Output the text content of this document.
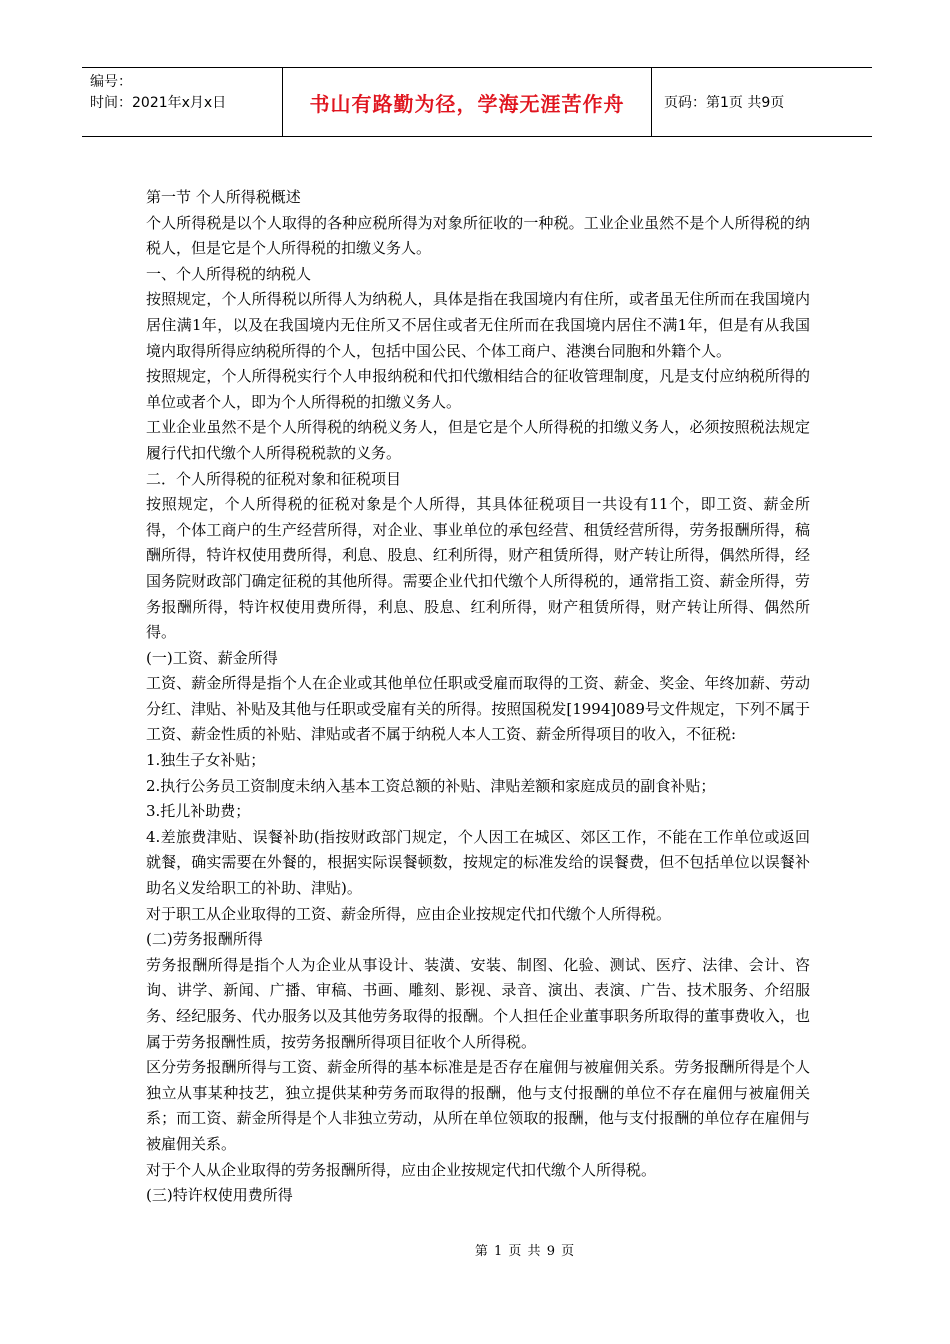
编号：
时间：2021年x月x日	书山有路勤为径，学海无涯苦作舟	页码：第1页 共9页

第一节 个人所得税概述

个人所得税是以个人取得的各种应税所得为对象所征收的一种税。工业企业虽然不是个人所得税的纳税人，但是它是个人所得税的扣缴义务人。

一、个人所得税的纳税人

按照规定，个人所得税以所得人为纳税人，具体是指在我国境内有住所，或者虽无住所而在我国境内居住满1年，以及在我国境内无住所又不居住或者无住所而在我国境内居住不满1年，但是有从我国境内取得所得应纳税所得的个人，包括中国公民、个体工商户、港澳台同胞和外籍个人。

按照规定，个人所得税实行个人申报纳税和代扣代缴相结合的征收管理制度，凡是支付应纳税所得的单位或者个人，即为个人所得税的扣缴义务人。

工业企业虽然不是个人所得税的纳税义务人，但是它是个人所得税的扣缴义务人，必须按照税法规定履行代扣代缴个人所得税税款的义务。

二．个人所得税的征税对象和征税项目

按照规定，个人所得税的征税对象是个人所得，其具体征税项目一共设有11个，即工资、薪金所得，个体工商户的生产经营所得，对企业、事业单位的承包经营、租赁经营所得，劳务报酬所得，稿酬所得，特许权使用费所得，利息、股息、红利所得，财产租赁所得，财产转让所得，偶然所得，经国务院财政部门确定征税的其他所得。需要企业代扣代缴个人所得税的，通常指工资、薪金所得，劳务报酬所得，特许权使用费所得，利息、股息、红利所得，财产租赁所得，财产转让所得、偶然所得。

(一)工资、薪金所得

工资、薪金所得是指个人在企业或其他单位任职或受雇而取得的工资、薪金、奖金、年终加薪、劳动分红、津贴、补贴及其他与任职或受雇有关的所得。按照国税发[1994]089号文件规定，下列不属于工资、薪金性质的补贴、津贴或者不属于纳税人本人工资、薪金所得项目的收入，不征税:

1.独生子女补贴；

2.执行公务员工资制度未纳入基本工资总额的补贴、津贴差额和家庭成员的副食补贴；

3.托儿补助费；

4.差旅费津贴、误餐补助(指按财政部门规定，个人因工在城区、郊区工作，不能在工作单位或返回就餐，确实需要在外餐的，根据实际误餐顿数，按规定的标准发给的误餐费，但不包括单位以误餐补助名义发给职工的补助、津贴)。

对于职工从企业取得的工资、薪金所得，应由企业按规定代扣代缴个人所得税。

(二)劳务报酬所得

劳务报酬所得是指个人为企业从事设计、装潢、安装、制图、化验、测试、医疗、法律、会计、咨询、讲学、新闻、广播、审稿、书画、雕刻、影视、录音、演出、表演、广告、技术服务、介绍服务、经纪服务、代办服务以及其他劳务取得的报酬。个人担任企业董事职务所取得的董事费收入，也属于劳务报酬性质，按劳务报酬所得项目征收个人所得税。

区分劳务报酬所得与工资、薪金所得的基本标准是是否存在雇佣与被雇佣关系。劳务报酬所得是个人独立从事某种技艺，独立提供某种劳务而取得的报酬，他与支付报酬的单位不存在雇佣与被雇佣关系；而工资、薪金所得是个人非独立劳动，从所在单位领取的报酬，他与支付报酬的单位存在雇佣与被雇佣关系。

对于个人从企业取得的劳务报酬所得，应由企业按规定代扣代缴个人所得税。

(三)特许权使用费所得

第 1 页 共 9 页
